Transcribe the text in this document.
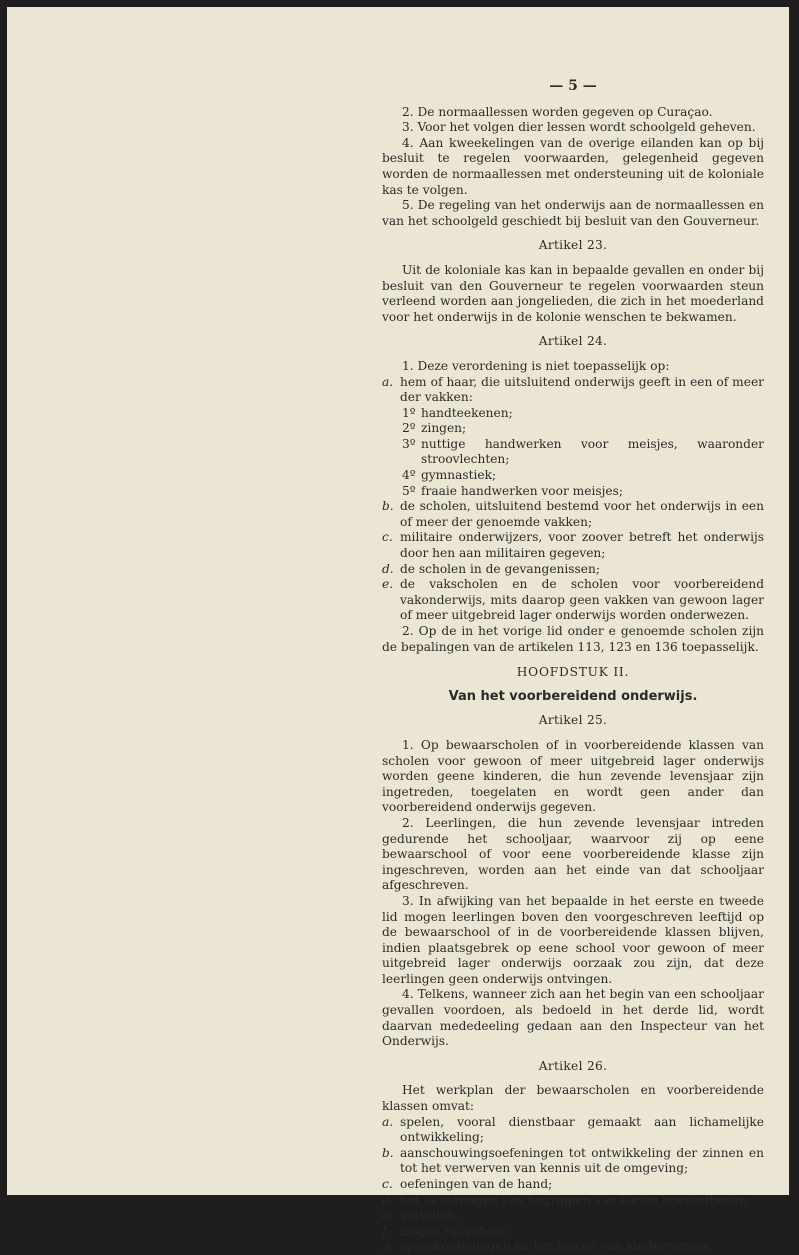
— 5 —

2. De normaallessen worden gegeven op Curaçao.

3. Voor het volgen dier lessen wordt schoolgeld geheven.

4. Aan kweekelingen van de overige eilanden kan op bij besluit te regelen voorwaarden, gelegenheid gegeven worden de normaallessen met ondersteuning uit de koloniale kas te volgen.

5. De regeling van het onderwijs aan de normaallessen en van het schoolgeld geschiedt bij besluit van den Gouverneur.

Artikel 23.

Uit de koloniale kas kan in bepaalde gevallen en onder bij besluit van den Gouverneur te regelen voorwaarden steun verleend worden aan jongelieden, die zich in het moederland voor het onderwijs in de kolonie wenschen te bekwamen.

Artikel 24.

1. Deze verordening is niet toepasselijk op:

a. hem of haar, die uitsluitend onderwijs geeft in een of meer der vakken:
1º handteekenen;
2º zingen;
3º nuttige handwerken voor meisjes, waaronder stroovlechten;
4º gymnastiek;
5º fraaie handwerken voor meisjes;
b. de scholen, uitsluitend bestemd voor het onderwijs in een of meer der genoemde vakken;
c. militaire onderwijzers, voor zoover betreft het onderwijs door hen aan militairen gegeven;
d. de scholen in de gevangenissen;
e. de vakscholen en de scholen voor voorbereidend vakonderwijs, mits daarop geen vakken van gewoon lager of meer uitgebreid lager onderwijs worden onderwezen.

2. Op de in het vorige lid onder e genoemde scholen zijn de bepalingen van de artikelen 113, 123 en 136 toepasselijk.

HOOFDSTUK II.
Van het voorbereidend onderwijs.
Artikel 25.

1. Op bewaarscholen of in voorbereidende klassen van scholen voor gewoon of meer uitgebreid lager onderwijs worden geene kinderen, die hun zevende levensjaar zijn ingetreden, toegelaten en wordt geen ander dan voorbereidend onderwijs gegeven.

2. Leerlingen, die hun zevende levensjaar intreden gedurende het schooljaar, waarvoor zij op eene bewaarschool of voor eene voorbereidende klasse zijn ingeschreven, worden aan het einde van dat schooljaar afgeschreven.

3. In afwijking van het bepaalde in het eerste en tweede lid mogen leerlingen boven den voorgeschreven leeftijd op de bewaarschool of in de voorbereidende klassen blijven, indien plaatsgebrek op eene school voor gewoon of meer uitgebreid lager onderwijs oorzaak zou zijn, dat deze leerlingen geen onderwijs ontvingen.

4. Telkens, wanneer zich aan het begin van een schooljaar gevallen voordoen, als bedoeld in het derde lid, wordt daarvan mededeeling gedaan aan den Inspecteur van het Onderwijs.

Artikel 26.

Het werkplan der bewaarscholen en voorbereidende klassen omvat:

a. spelen, vooral dienstbaar gemaakt aan lichamelijke ontwikkeling;
b. aanschouwingsoefeningen tot ontwikkeling der zinnen en tot het verwerven van kennis uit de omgeving;
c. oefeningen van de hand;
d. het aanbrengen van begrippen van kleine hoeveelheden;
e. vertellen;
f. zingen op gehoor;
g. spreekoefeningen en het leeren van kinderversjes.
